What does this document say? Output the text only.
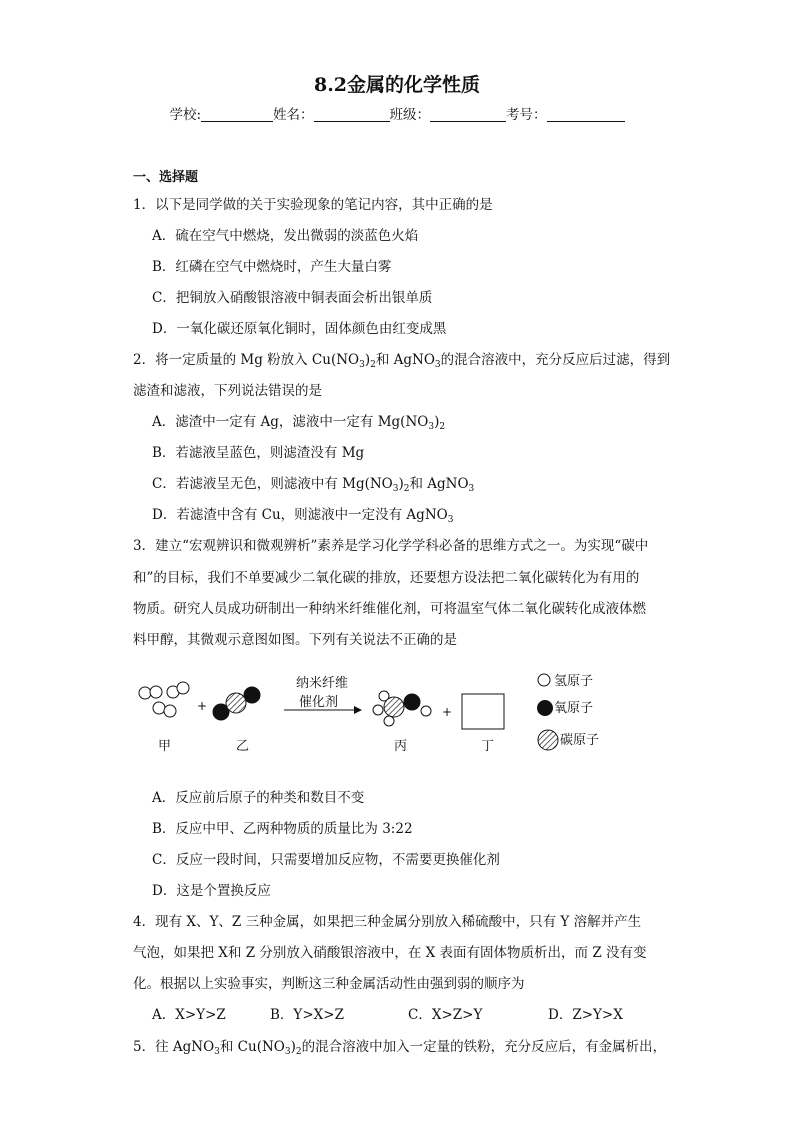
8.2金属的化学性质
学校:	姓名：	班级：	考号：
一、选择题
1．以下是同学做的关于实验现象的笔记内容，其中正确的是
A．硫在空气中燃烧，发出微弱的淡蓝色火焰
B．红磷在空气中燃烧时，产生大量白雾
C．把铜放入硝酸银溶液中铜表面会析出银单质
D．一氧化碳还原氧化铜时，固体颜色由红变成黑
2．将一定质量的 Mg 粉放入 $Cu(NO_3)_2$和 AgNO$_3$的混合溶液中，充分反应后过滤，得到
滤渣和滤液，下列说法错误的是
A．滤渣中一定有 Ag，滤液中一定有 $Mg(NO_3)_2$
B．若滤液呈蓝色，则滤渣没有 Mg
C．若滤液呈无色，则滤液中有 $Mg(NO_3)_2$和 AgNO$_3$
D．若滤渣中含有 Cu，则滤液中一定没有 AgNO$_3$
3．建立“宏观辨识和微观辨析”素养是学习化学学科必备的思维方式之一。为实现“碳中
和”的目标，我们不单要减少二氧化碳的排放，还要想方设法把二氧化碳转化为有用的
物质。研究人员成功研制出一种纳米纤维催化剂，可将温室气体二氧化碳转化成液体燃
料甲醇，其微观示意图如图。下列有关说法不正确的是
+
纳米纤维
催化剂
+
甲	乙	丙	丁
氢原子
氧原子
碳原子
A．反应前后原子的种类和数目不变
B．反应中甲、乙两种物质的质量比为 3:22
C．反应一段时间，只需要增加反应物，不需要更换催化剂
D．这是个置换反应
4．现有 X、Y、Z 三种金属，如果把三种金属分别放入稀硫酸中，只有 Y 溶解并产生
气泡，如果把 X和 Z 分别放入硝酸银溶液中，在 X 表面有固体物质析出，而 Z 没有变
化。根据以上实验事实，判断这三种金属活动性由强到弱的顺序为
A．X>Y>Z	B．Y>X>Z	C．X>Z>Y	D．Z>Y>X
5．往 AgNO$_3$和 $Cu(NO_3)_2$的混合溶液中加入一定量的铁粉，充分反应后，有金属析出，
